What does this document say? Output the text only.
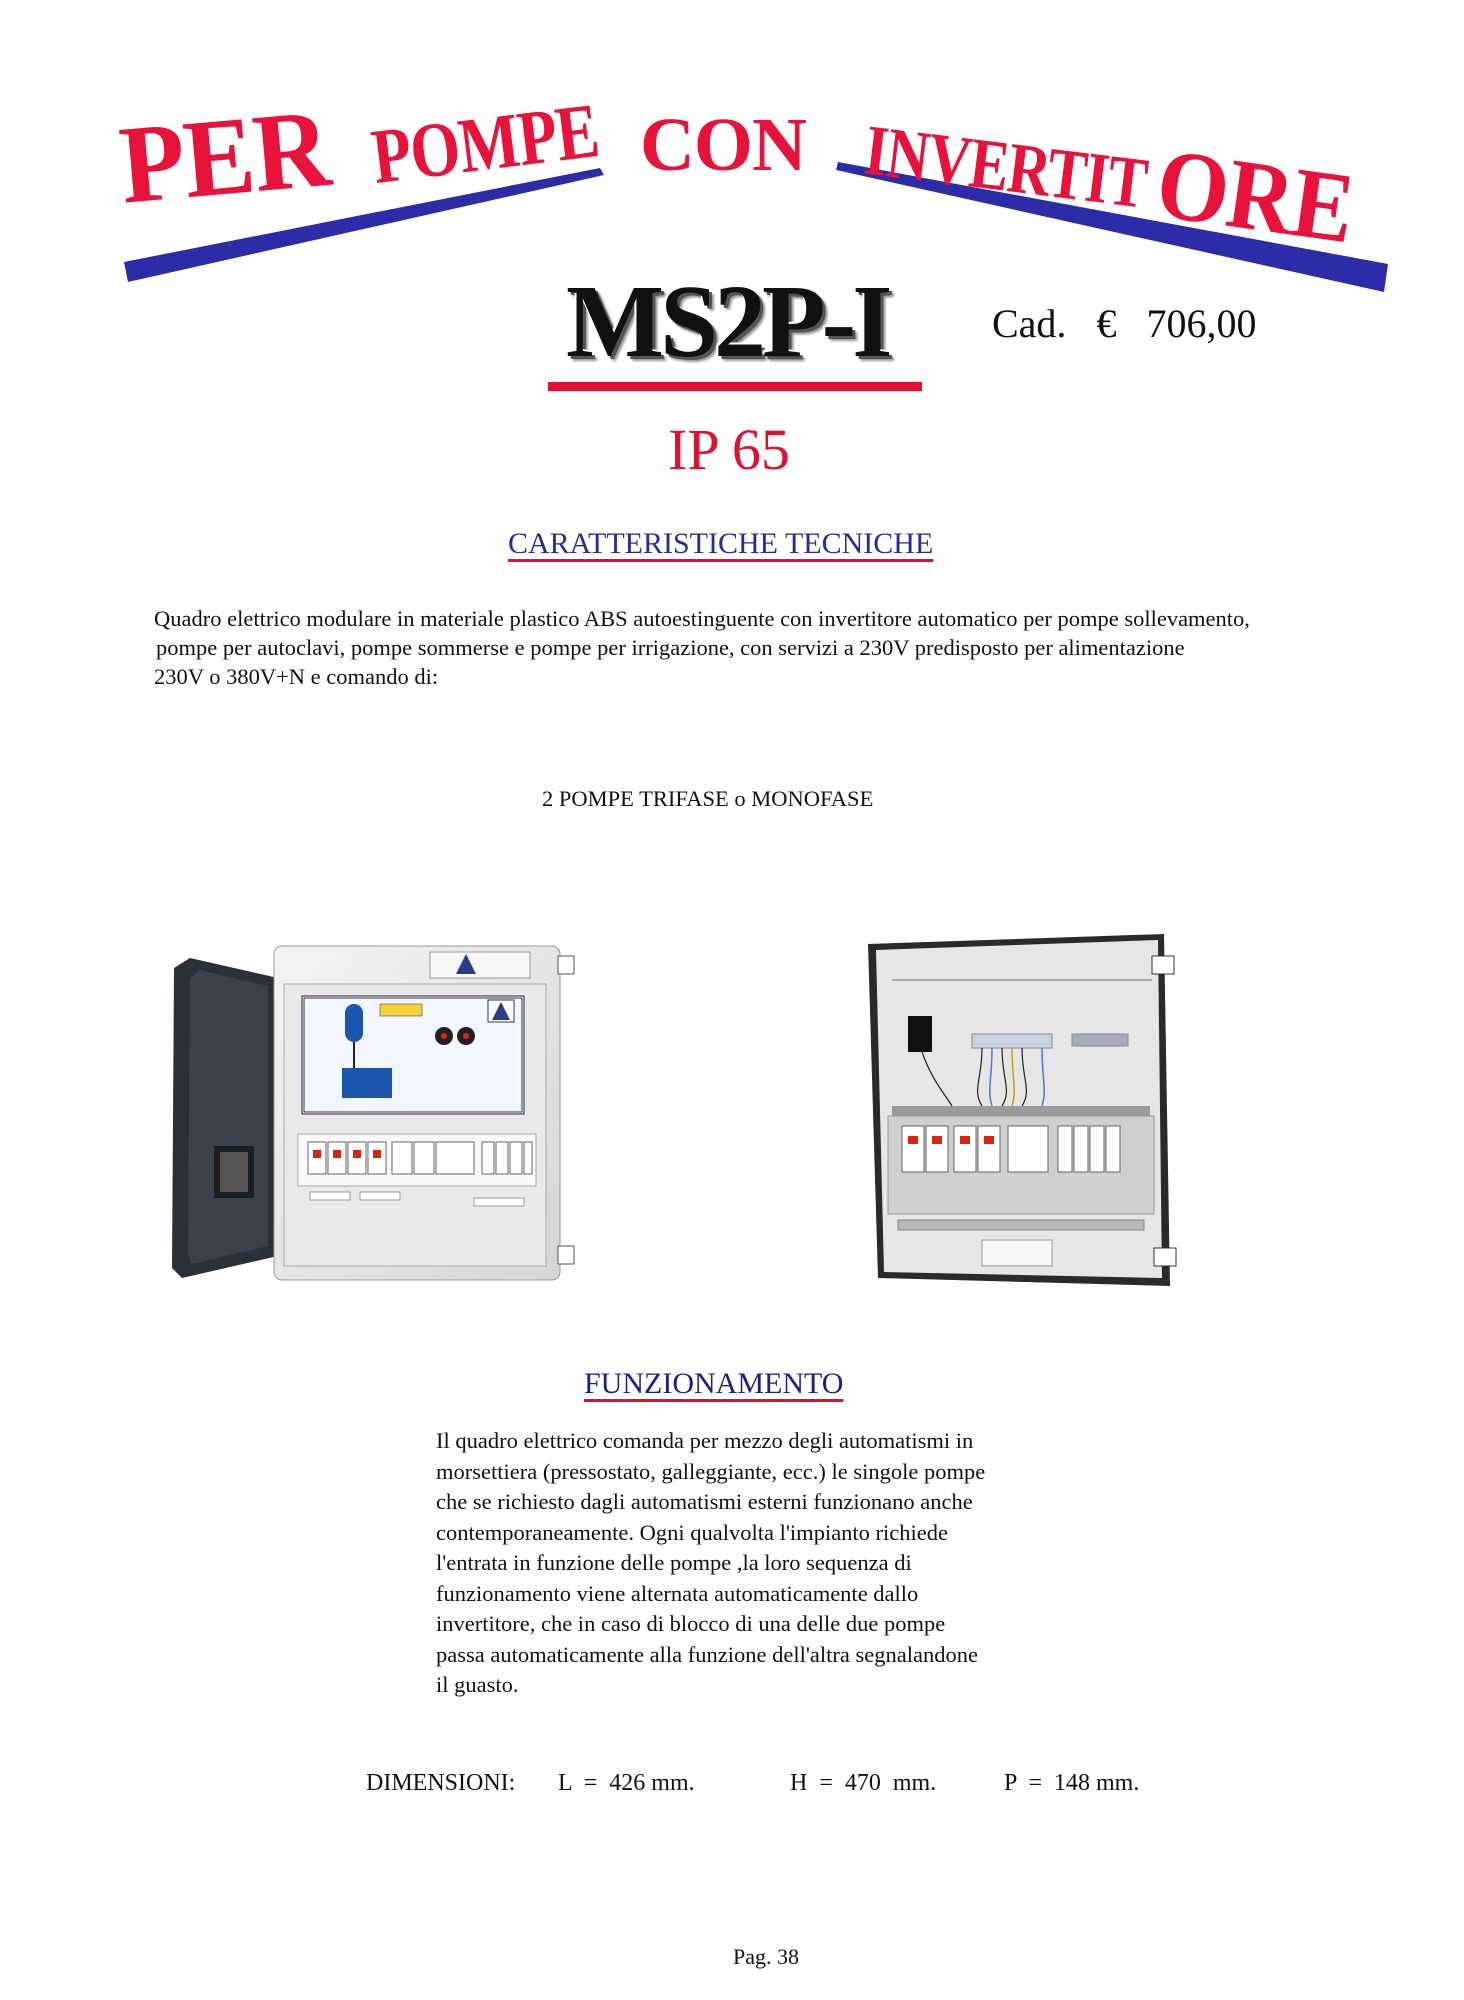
PER POMPE CON INVERTIT ORE
MS2P-I	Cad. € 706,00
IP 65
CARATTERISTICHE TECNICHE
Quadro elettrico modulare in materiale plastico ABS autoestinguente con invertitore automatico per pompe sollevamento,
pompe per autoclavi, pompe sommerse e pompe per irrigazione, con servizi a 230V predisposto per alimentazione
230V o 380V+N e comando di:
2 POMPE TRIFASE o MONOFASE
FUNZIONAMENTO
Il quadro elettrico comanda per mezzo degli automatismi in
morsettiera (pressostato, galleggiante, ecc.) le singole pompe
che se richiesto dagli automatismi esterni funzionano anche
contemporaneamente. Ogni qualvolta l'impianto richiede
l'entrata in funzione delle pompe ,la loro sequenza di
funzionamento viene alternata automaticamente dallo
invertitore, che in caso di blocco di una delle due pompe
passa automaticamente alla funzione dell'altra segnalandone
il guasto.
DIMENSIONI: L  =  426 mm.	H  =  470  mm.	P  =  148 mm.
Pag. 38
